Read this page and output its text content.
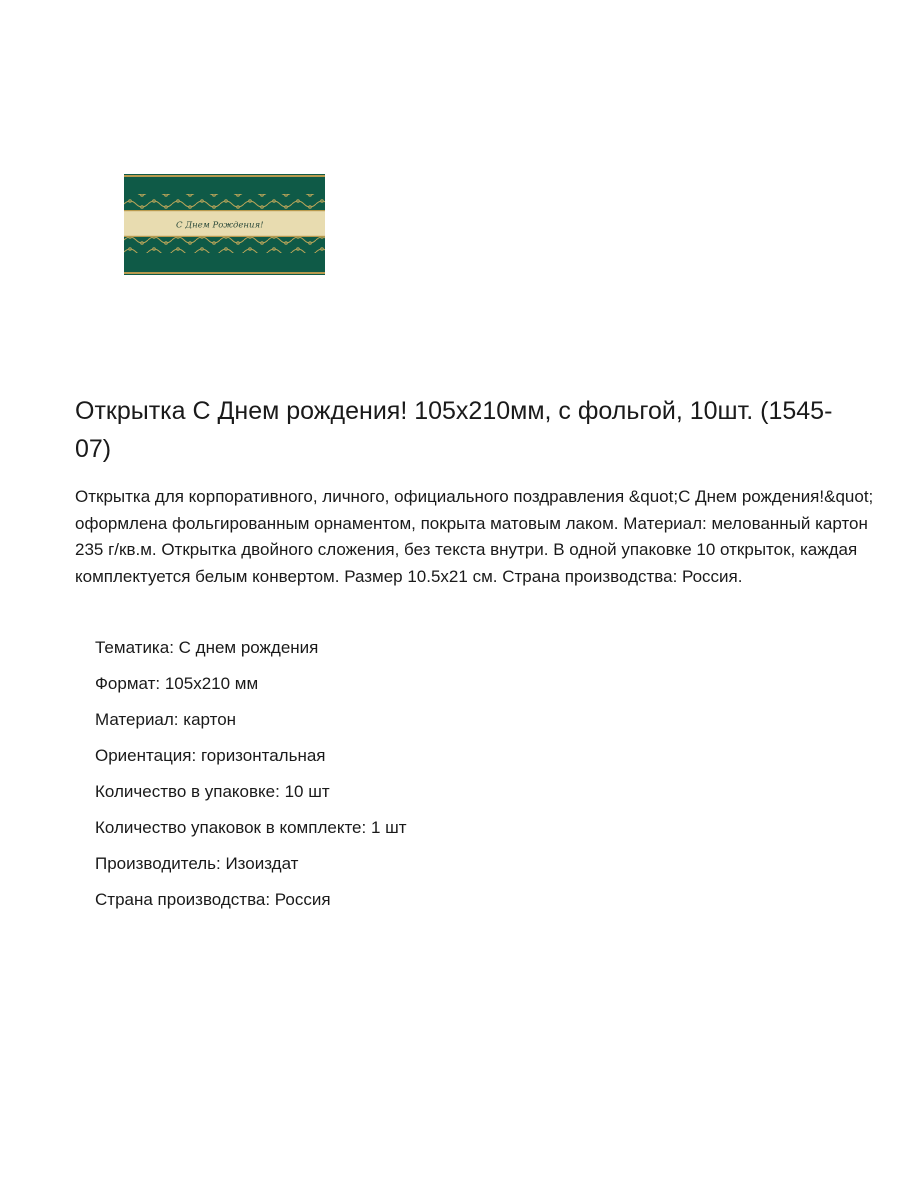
С Днем Рождения!
Открытка С Днем рождения! 105х210мм, с фольгой, 10шт. (1545-07)

Открытка для корпоративного, личного, официального поздравления &quot;С Днем рождения!&quot; оформлена фольгированным орнаментом, покрыта матовым лаком. Материал: мелованный картон 235 г/кв.м. Открытка двойного сложения, без текста внутри. В одной упаковке 10 открыток, каждая комплектуется белым конвертом. Размер 10.5х21 см. Страна производства: Россия.

Тематика: С днем рождения
Формат: 105x210 мм
Материал: картон
Ориентация: горизонтальная
Количество в упаковке: 10 шт
Количество упаковок в комплекте: 1 шт
Производитель: Изоиздат
Страна производства: Россия
